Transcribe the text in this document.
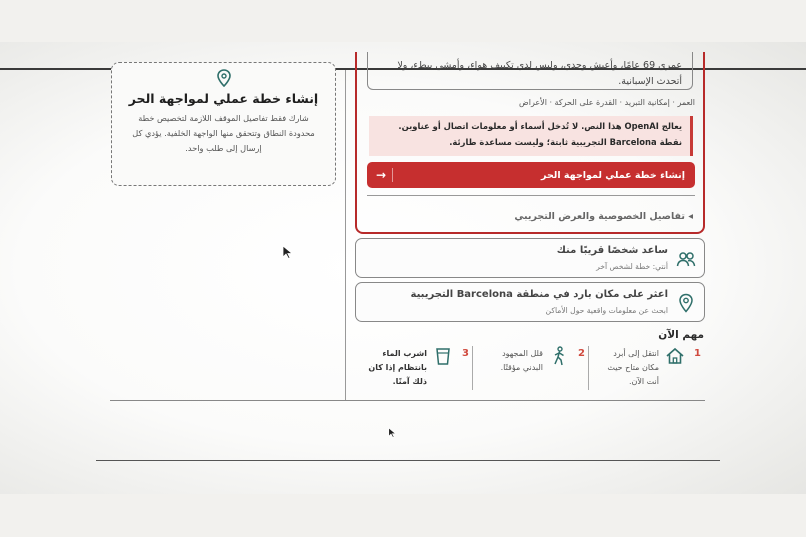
إنشاء خطة عملي لمواجهة الحر
شارك فقط تفاصيل الموقف اللازمة لتخصيص خطة محدودة النطاق وتتحقق منها الواجهة الخلفية. يؤدي كل إرسال إلى طلب واحد.
عمري 69 عامًا، وأعيش وحدي، وليس لدي تكييف هواء، وأمشي ببطء، ولا أتحدث الإسبانية.
العمر · إمكانية التبريد · القدرة على الحركة · الأعراض
يعالج OpenAI هذا النص. لا تُدخل أسماء أو معلومات اتصال أو عناوين. نقطة Barcelona التجريبية ثابتة؛ وليست مساعدة طارئة.
إنشاء خطة عملي لمواجهة الحر
→
◂ تفاصيل الخصوصية والعرض التجريبي
ساعد شخصًا قريبًا منك
أنتي: خطة لشخص آخر
اعثر على مكان بارد في منطقة Barcelona التجريبية
ابحث عن معلومات واقعية حول الأماكن
مهم الآن
1
انتقل إلى أبرد مكان متاح حيث أنت الآن.
2
قلل المجهود البدني مؤقتًا.
3
اشرب الماء بانتظام إذا كان ذلك آمنًا.
